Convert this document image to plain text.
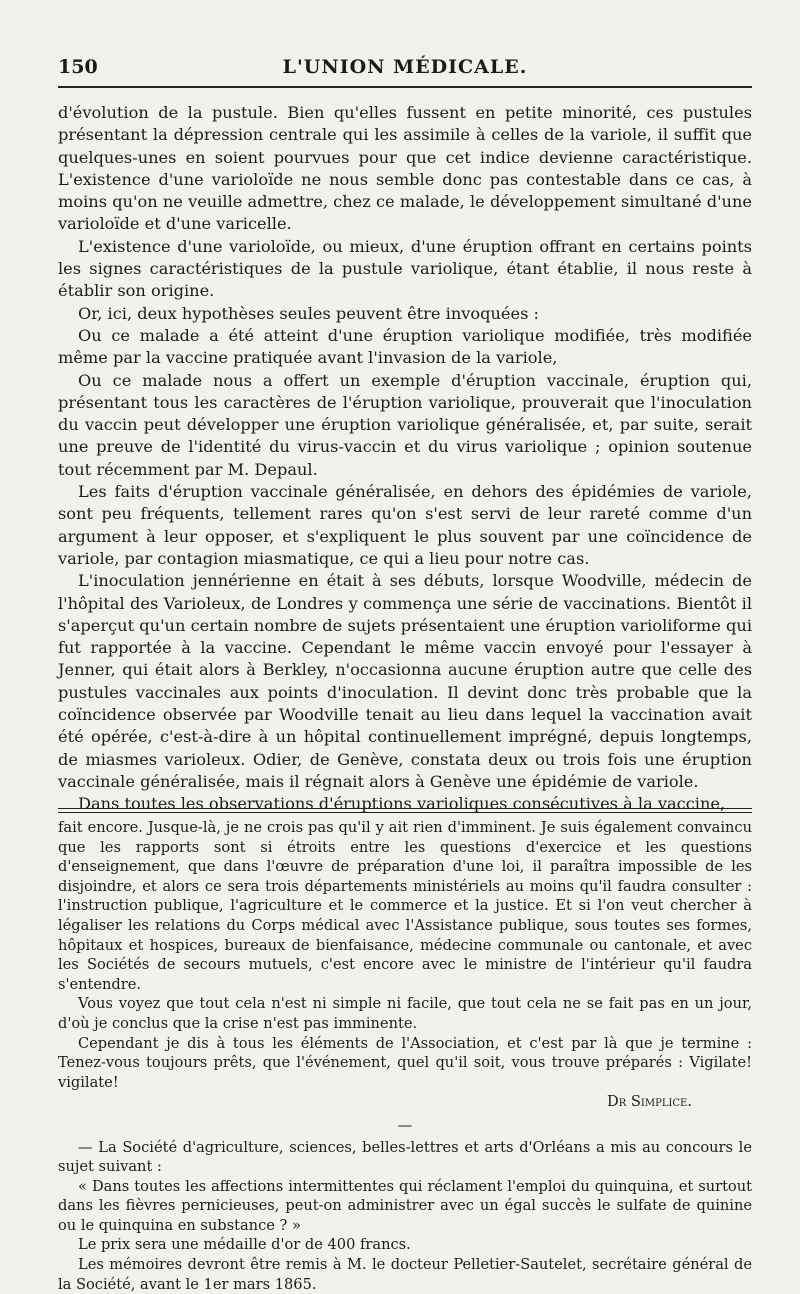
150	L'UNION MÉDICALE.

d'évolution de la pustule. Bien qu'elles fussent en petite minorité, ces pustules présentant la dépression centrale qui les assimile à celles de la variole, il suffit que quelques-unes en soient pourvues pour que cet indice devienne caractéristique. L'existence d'une varioloïde ne nous semble donc pas contestable dans ce cas, à moins qu'on ne veuille admettre, chez ce malade, le développement simultané d'une varioloïde et d'une varicelle.

L'existence d'une varioloïde, ou mieux, d'une éruption offrant en certains points les signes caractéristiques de la pustule variolique, étant établie, il nous reste à établir son origine.

Or, ici, deux hypothèses seules peuvent être invoquées :

Ou ce malade a été atteint d'une éruption variolique modifiée, très modifiée même par la vaccine pratiquée avant l'invasion de la variole,

Ou ce malade nous a offert un exemple d'éruption vaccinale, éruption qui, présentant tous les caractères de l'éruption variolique, prouverait que l'inoculation du vaccin peut développer une éruption variolique généralisée, et, par suite, serait une preuve de l'identité du virus-vaccin et du virus variolique ; opinion soutenue tout récemment par M. Depaul.

Les faits d'éruption vaccinale généralisée, en dehors des épidémies de variole, sont peu fréquents, tellement rares qu'on s'est servi de leur rareté comme d'un argument à leur opposer, et s'expliquent le plus souvent par une coïncidence de variole, par contagion miasmatique, ce qui a lieu pour notre cas.

L'inoculation jennérienne en était à ses débuts, lorsque Woodville, médecin de l'hôpital des Varioleux, de Londres y commença une série de vaccinations. Bientôt il s'aperçut qu'un certain nombre de sujets présentaient une éruption varioliforme qui fut rapportée à la vaccine. Cependant le même vaccin envoyé pour l'essayer à Jenner, qui était alors à Berkley, n'occasionna aucune éruption autre que celle des pustules vaccinales aux points d'inoculation. Il devint donc très probable que la coïncidence observée par Woodville tenait au lieu dans lequel la vaccination avait été opérée, c'est-à-dire à un hôpital continuellement imprégné, depuis longtemps, de miasmes varioleux. Odier, de Genève, constata deux ou trois fois une éruption vaccinale généralisée, mais il régnait alors à Genève une épidémie de variole.

Dans toutes les observations d'éruptions varioliques consécutives à la vaccine,

fait encore. Jusque-là, je ne crois pas qu'il y ait rien d'imminent. Je suis également convaincu que les rapports sont si étroits entre les questions d'exercice et les questions d'enseignement, que dans l'œuvre de préparation d'une loi, il paraîtra impossible de les disjoindre, et alors ce sera trois départements ministériels au moins qu'il faudra consulter : l'instruction publique, l'agriculture et le commerce et la justice. Et si l'on veut chercher à légaliser les relations du Corps médical avec l'Assistance publique, sous toutes ses formes, hôpitaux et hospices, bureaux de bienfaisance, médecine communale ou cantonale, et avec les Sociétés de secours mutuels, c'est encore avec le ministre de l'intérieur qu'il faudra s'entendre.

Vous voyez que tout cela n'est ni simple ni facile, que tout cela ne se fait pas en un jour, d'où je conclus que la crise n'est pas imminente.

Cependant je dis à tous les éléments de l'Association, et c'est par là que je termine : Tenez-vous toujours prêts, que l'événement, quel qu'il soit, vous trouve préparés : Vigilate! vigilate!

Dr Simplice.
—

— La Société d'agriculture, sciences, belles-lettres et arts d'Orléans a mis au concours le sujet suivant :

« Dans toutes les affections intermittentes qui réclament l'emploi du quinquina, et surtout dans les fièvres pernicieuses, peut-on administrer avec un égal succès le sulfate de quinine ou le quinquina en substance ? »

Le prix sera une médaille d'or de 400 francs.

Les mémoires devront être remis à M. le docteur Pelletier-Sautelet, secrétaire général de la Société, avant le 1er mars 1865.
